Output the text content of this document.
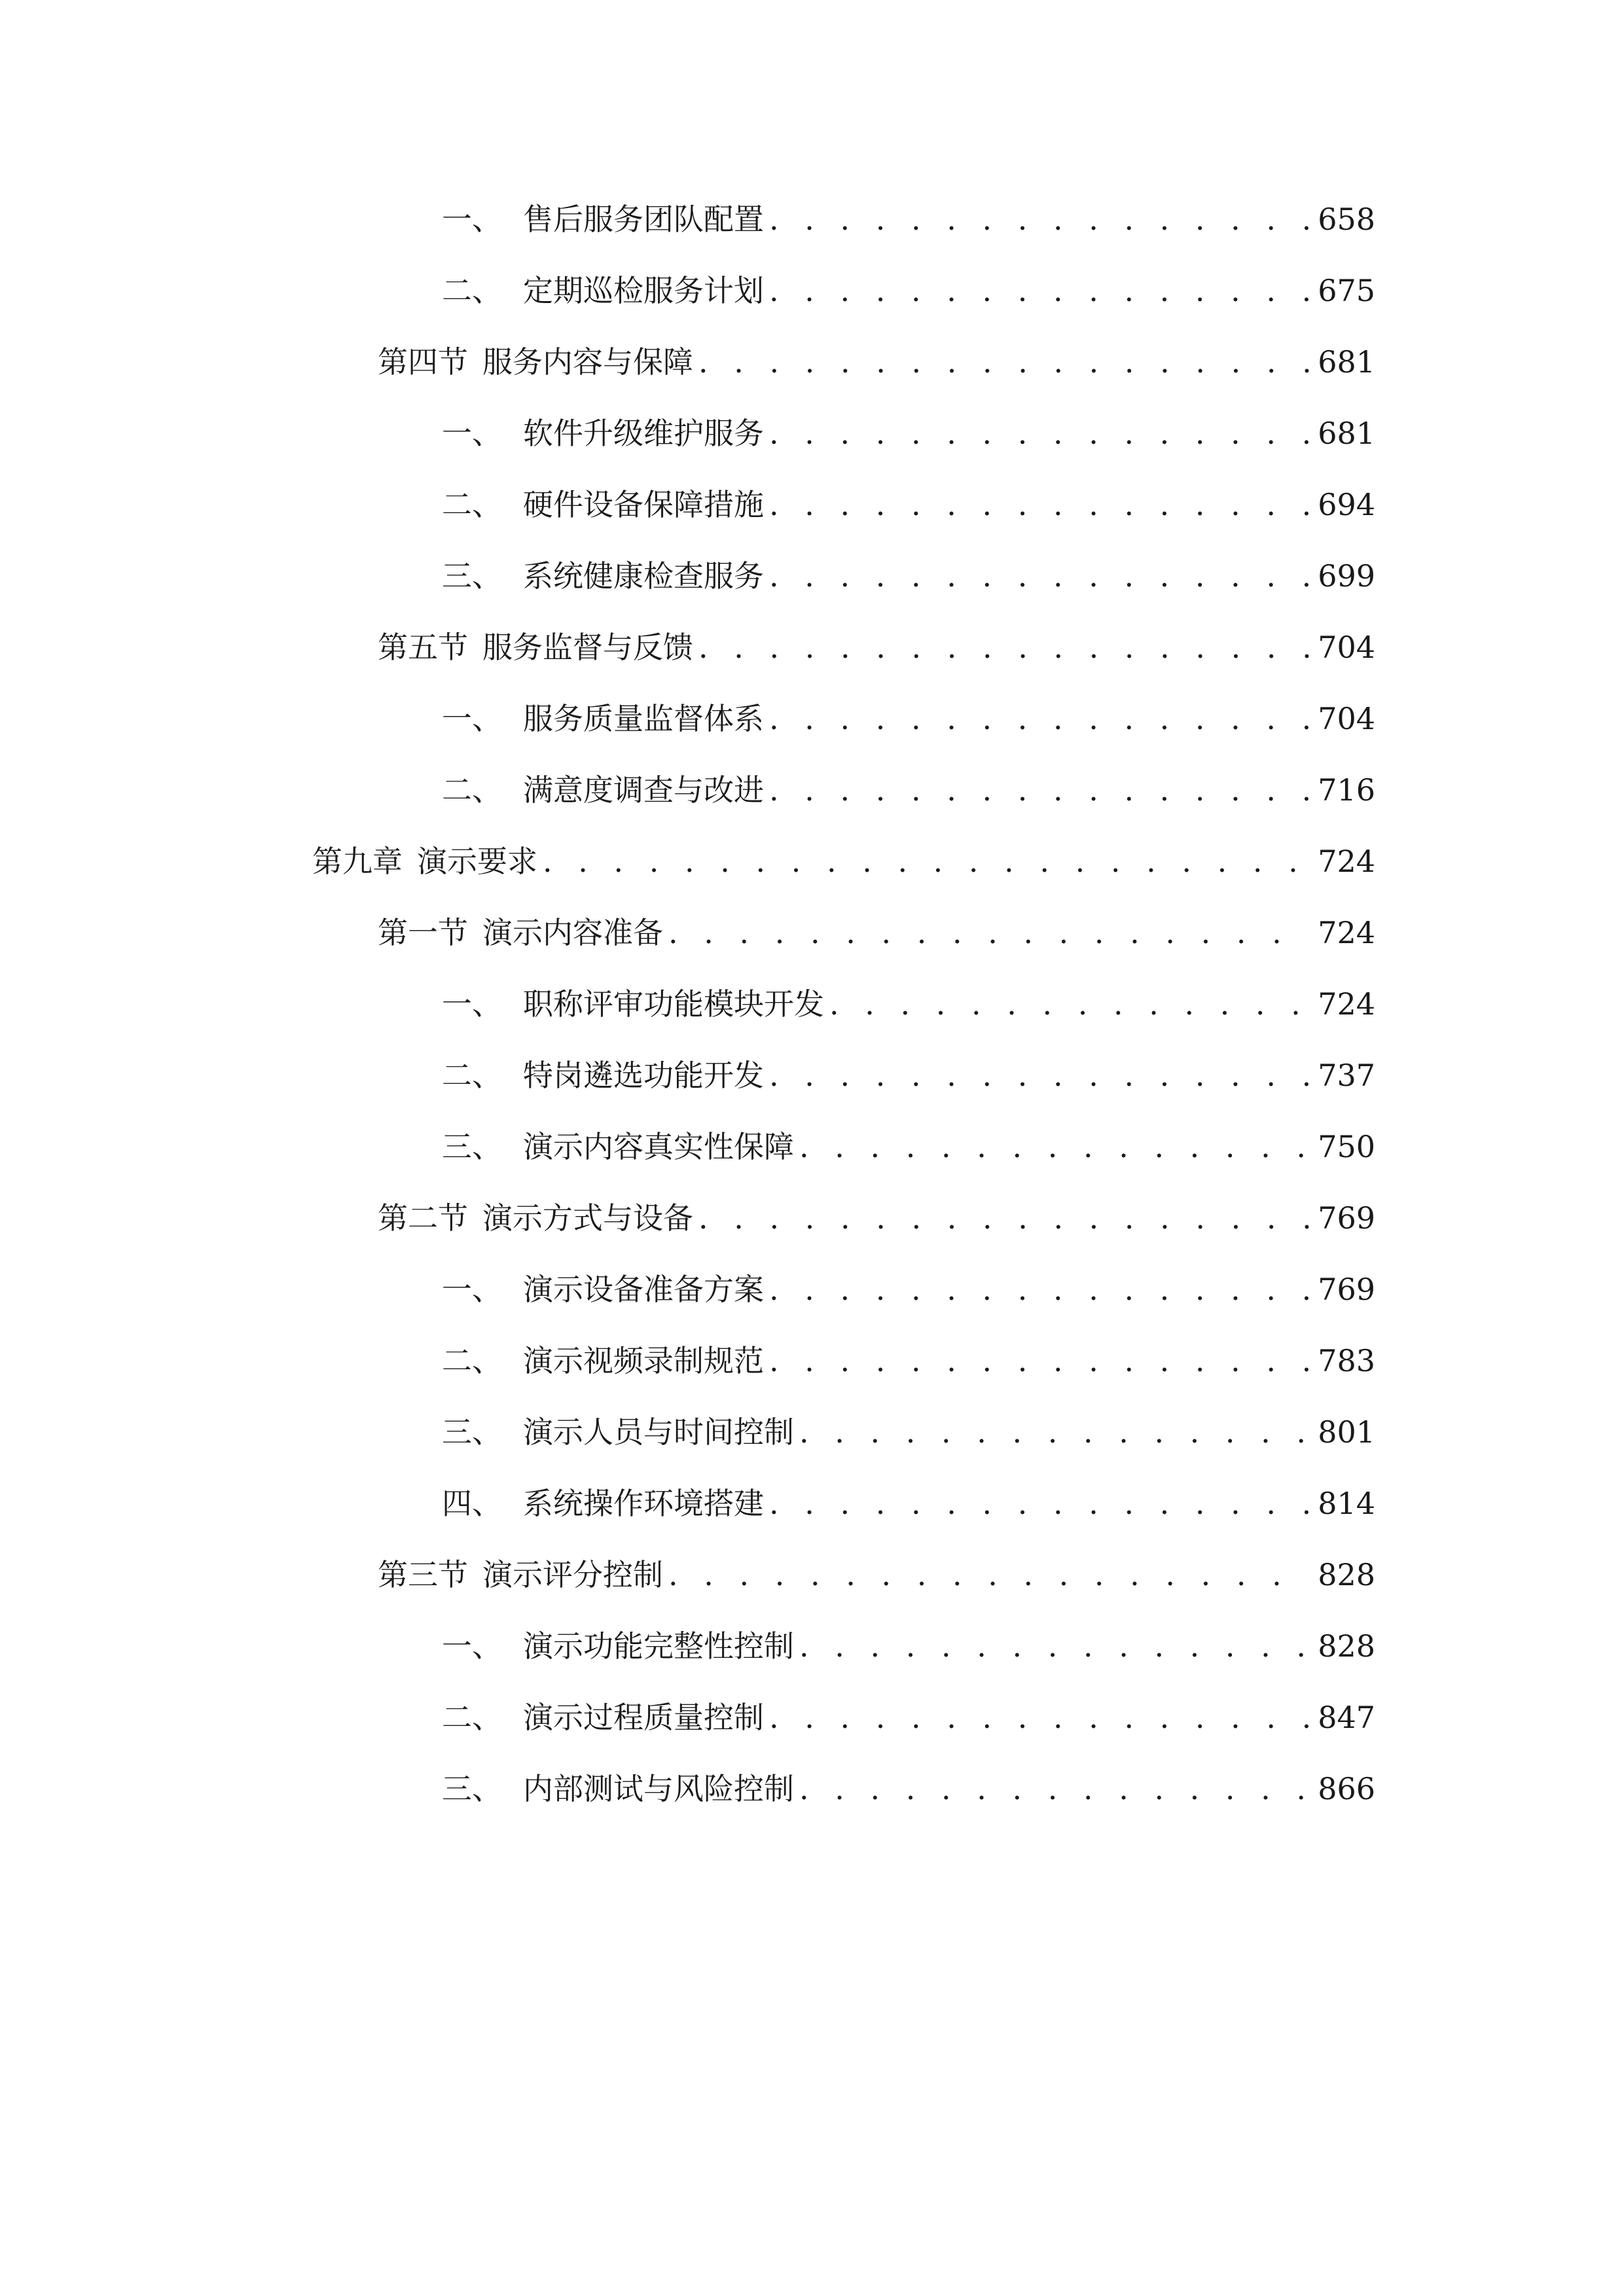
一、 售后服务团队配置 . . .	658
二、 定期巡检服务计划 . . .	675
第四节 服务内容与保障 . . .	681
一、 软件升级维护服务 . . .	681
二、 硬件设备保障措施 . . .	694
三、 系统健康检查服务 . . .	699
第五节 服务监督与反馈 . . .	704
一、 服务质量监督体系 . . .	704
二、 满意度调查与改进 . . .	716
第九章 演示要求 . . .	724
第一节 演示内容准备 . . .	724
一、 职称评审功能模块开发 . . .	724
二、 特岗遴选功能开发 . . .	737
三、 演示内容真实性保障 . . .	750
第二节 演示方式与设备 . . .	769
一、 演示设备准备方案 . . .	769
二、 演示视频录制规范 . . .	783
三、 演示人员与时间控制 . . .	801
四、 系统操作环境搭建 . . .	814
第三节 演示评分控制 . . .	828
一、 演示功能完整性控制 . . .	828
二、 演示过程质量控制 . . .	847
三、 内部测试与风险控制 . . .	866
